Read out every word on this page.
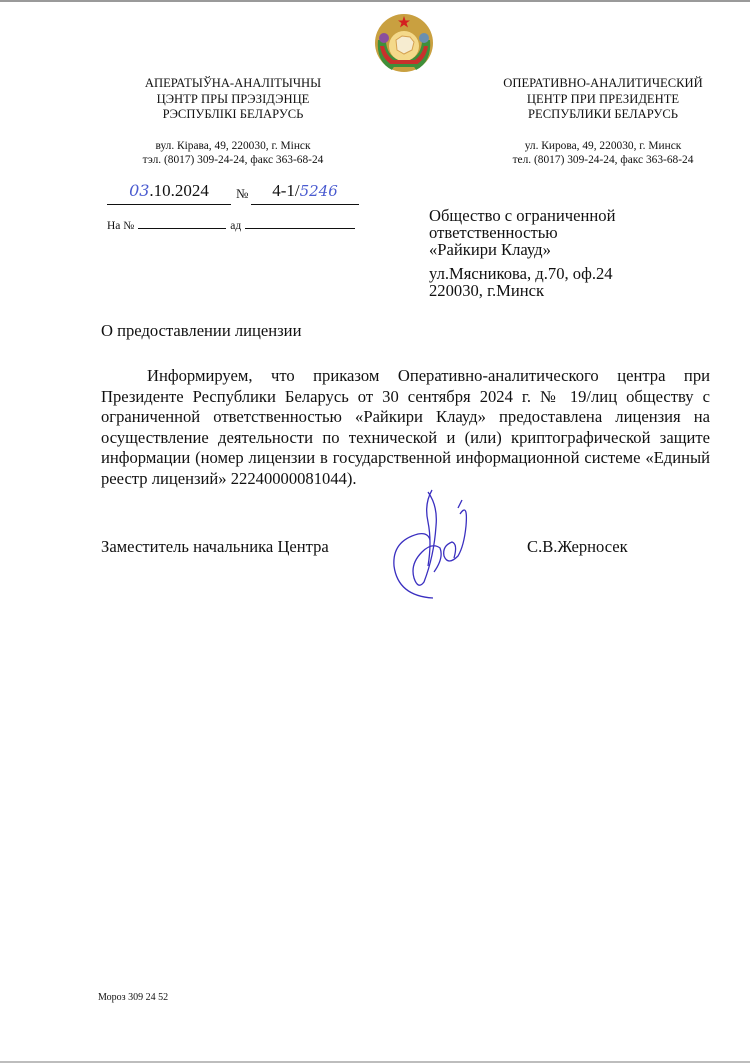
АПЕРАТЫЎНА-АНАЛІТЫЧНЫ
ЦЭНТР ПРЫ ПРЭЗІДЭНЦЕ
РЭСПУБЛІКІ БЕЛАРУСЬ
вул. Кірава, 49, 220030, г. Мінск
тэл. (8017) 309-24-24, факс 363-68-24
ОПЕРАТИВНО-АНАЛИТИЧЕСКИЙ
ЦЕНТР ПРИ ПРЕЗИДЕНТЕ
РЕСПУБЛИКИ БЕЛАРУСЬ
ул. Кирова, 49, 220030, г. Минск
тел. (8017) 309-24-24, факс 363-68-24
03.10.2024	№	4-1/5246
На №	ад
Общество с ограниченной
ответственностью
«Райкири Клауд»
ул.Мясникова, д.70, оф.24
220030, г.Минск
О предоставлении лицензии
Информируем, что приказом Оперативно-аналитического центра при Президенте Республики Беларусь от 30 сентября 2024 г. № 19/лиц обществу с ограниченной ответственностью «Райкири Клауд» предоставлена лицензия на осуществление деятельности по технической и (или) криптографической защите информации (номер лицензии в государственной информационной системе «Единый реестр лицензий» 22240000081044).
Заместитель начальника Центра	С.В.Жерносек
Мороз 309 24 52
